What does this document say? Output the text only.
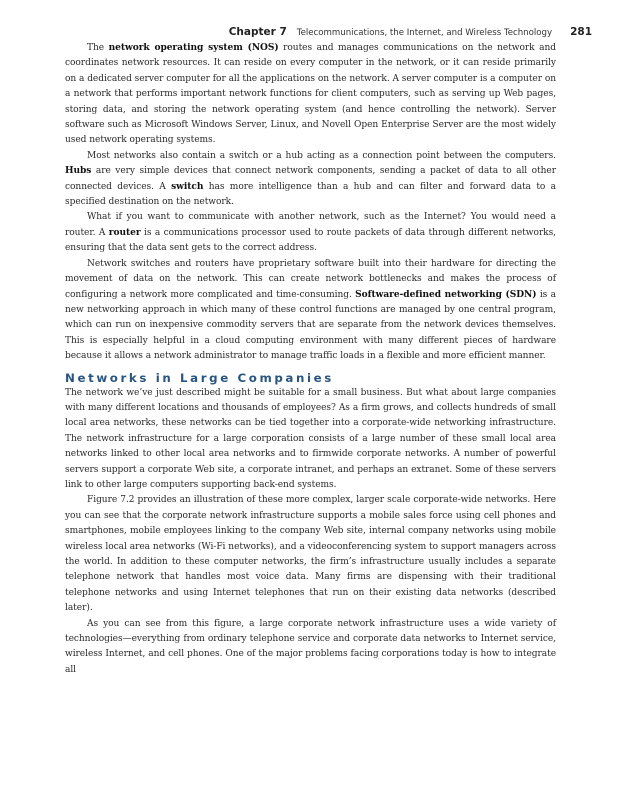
Chapter 7 Telecommunications, the Internet, and Wireless Technology 281

The network operating system (NOS) routes and manages communications on the network and coordinates network resources. It can reside on every computer in the network, or it can reside primarily on a dedicated server computer for all the applications on the network. A server computer is a computer on a network that performs important network functions for client computers, such as serving up Web pages, storing data, and storing the network operating system (and hence controlling the network). Server software such as Microsoft Windows Server, Linux, and Novell Open Enterprise Server are the most widely used network operating systems.

Most networks also contain a switch or a hub acting as a connection point between the computers. Hubs are very simple devices that connect network components, sending a packet of data to all other connected devices. A switch has more intelligence than a hub and can filter and forward data to a specified destination on the network.

What if you want to communicate with another network, such as the Internet? You would need a router. A router is a communications processor used to route packets of data through different networks, ensuring that the data sent gets to the correct address.

Network switches and routers have proprietary software built into their hardware for directing the movement of data on the network. This can create network bottlenecks and makes the process of configuring a network more complicated and time-consuming. Software-defined networking (SDN) is a new networking approach in which many of these control functions are managed by one central program, which can run on inexpensive commodity servers that are separate from the network devices themselves. This is especially helpful in a cloud computing environment with many different pieces of hardware because it allows a network administrator to manage traffic loads in a flexible and more efficient manner.

Networks in Large Companies

The network we’ve just described might be suitable for a small business. But what about large companies with many different locations and thousands of employees? As a firm grows, and collects hundreds of small local area networks, these networks can be tied together into a corporate-wide networking infrastructure. The network infrastructure for a large corporation consists of a large number of these small local area networks linked to other local area networks and to firmwide corporate networks. A number of powerful servers support a corporate Web site, a corporate intranet, and perhaps an extranet. Some of these servers link to other large computers supporting back-end systems.

Figure 7.2 provides an illustration of these more complex, larger scale corporate-wide networks. Here you can see that the corporate network infrastructure supports a mobile sales force using cell phones and smartphones, mobile employees linking to the company Web site, internal company networks using mobile wireless local area networks (Wi-Fi networks), and a videoconferencing system to support managers across the world. In addition to these computer networks, the firm’s infrastructure usually includes a separate telephone network that handles most voice data. Many firms are dispensing with their traditional telephone networks and using Internet telephones that run on their existing data networks (described later).

As you can see from this figure, a large corporate network infrastructure uses a wide variety of technologies—everything from ordinary telephone service and corporate data networks to Internet service, wireless Internet, and cell phones. One of the major problems facing corporations today is how to integrate all
